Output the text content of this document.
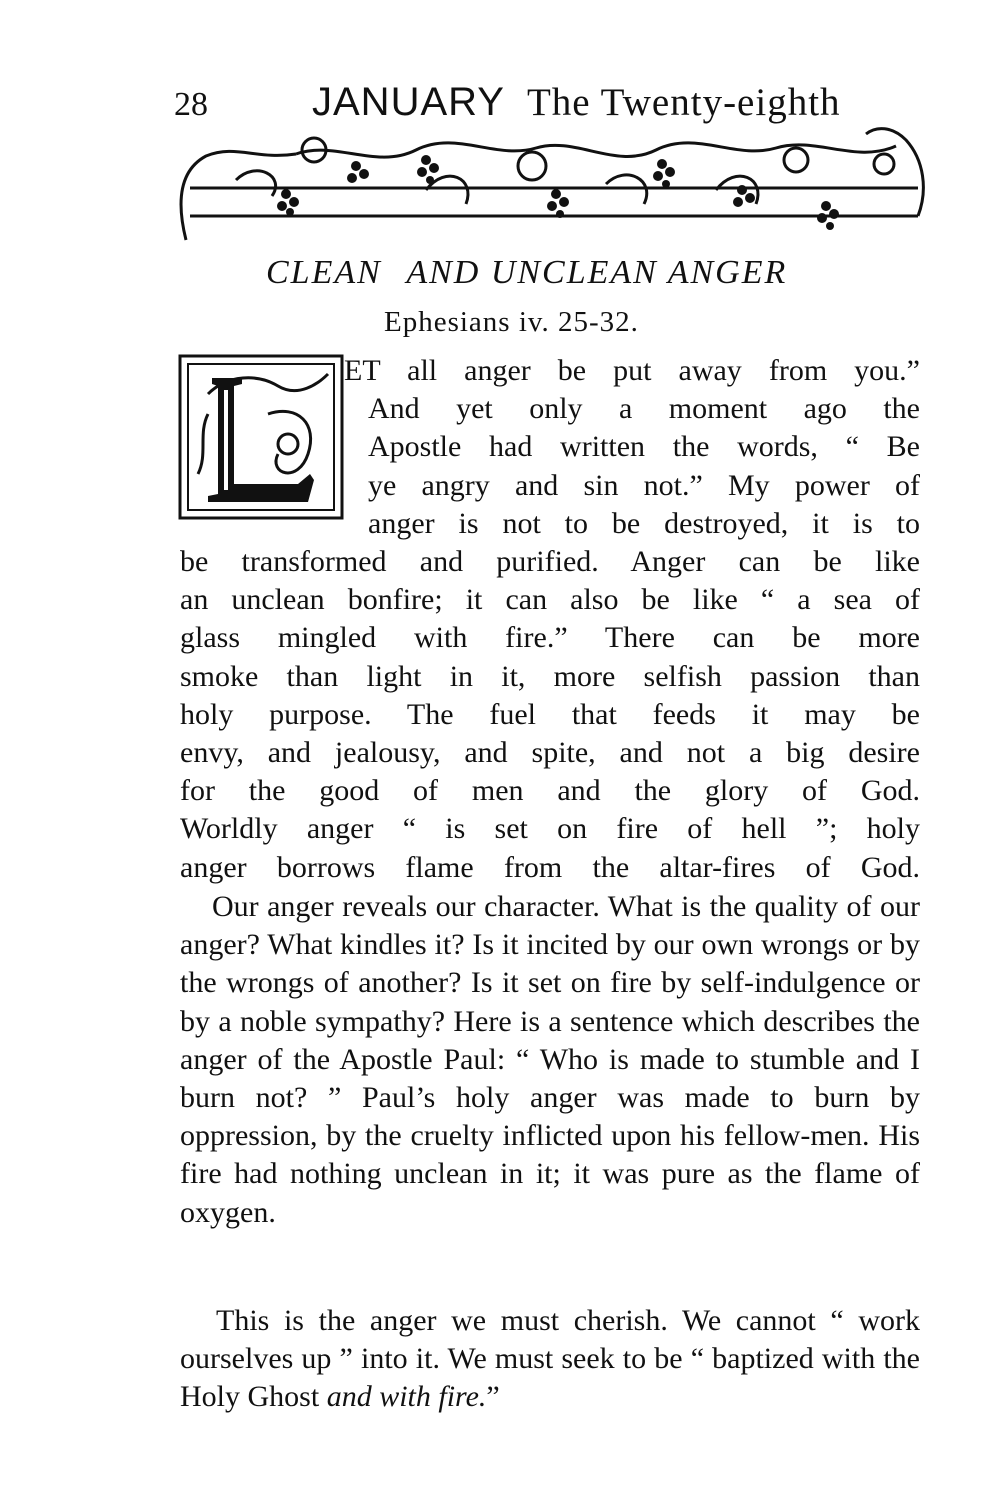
28	JANUARY The Twenty-eighth
CLEAN AND UNCLEAN ANGER
Ephesians iv. 25-32.
ET all anger be put away from you.”
And yet only a moment ago the
Apostle had written the words, “ Be
ye angry and sin not.” My power of
anger is not to be destroyed, it is to
be transformed and purified. Anger can be like
an unclean bonfire; it can also be like “ a sea of
glass mingled with fire.” There can be more
smoke than light in it, more selfish passion than
holy purpose. The fuel that feeds it may be
envy, and jealousy, and spite, and not a big desire
for the good of men and the glory of God.
Worldly anger “ is set on fire of hell ”; holy
anger borrows flame from the altar-fires of God.

Our anger reveals our character. What is the quality of our anger? What kindles it? Is it incited by our own wrongs or by the wrongs of another? Is it set on fire by self-indulgence or by a noble sympathy? Here is a sentence which describes the anger of the Apostle Paul: “ Who is made to stumble and I burn not? ” Paul’s holy anger was made to burn by oppression, by the cruelty inflicted upon his fellow-men. His fire had nothing unclean in it; it was pure as the flame of oxygen.

This is the anger we must cherish. We cannot “ work ourselves up ” into it. We must seek to be “ baptized with the Holy Ghost and with fire.”
